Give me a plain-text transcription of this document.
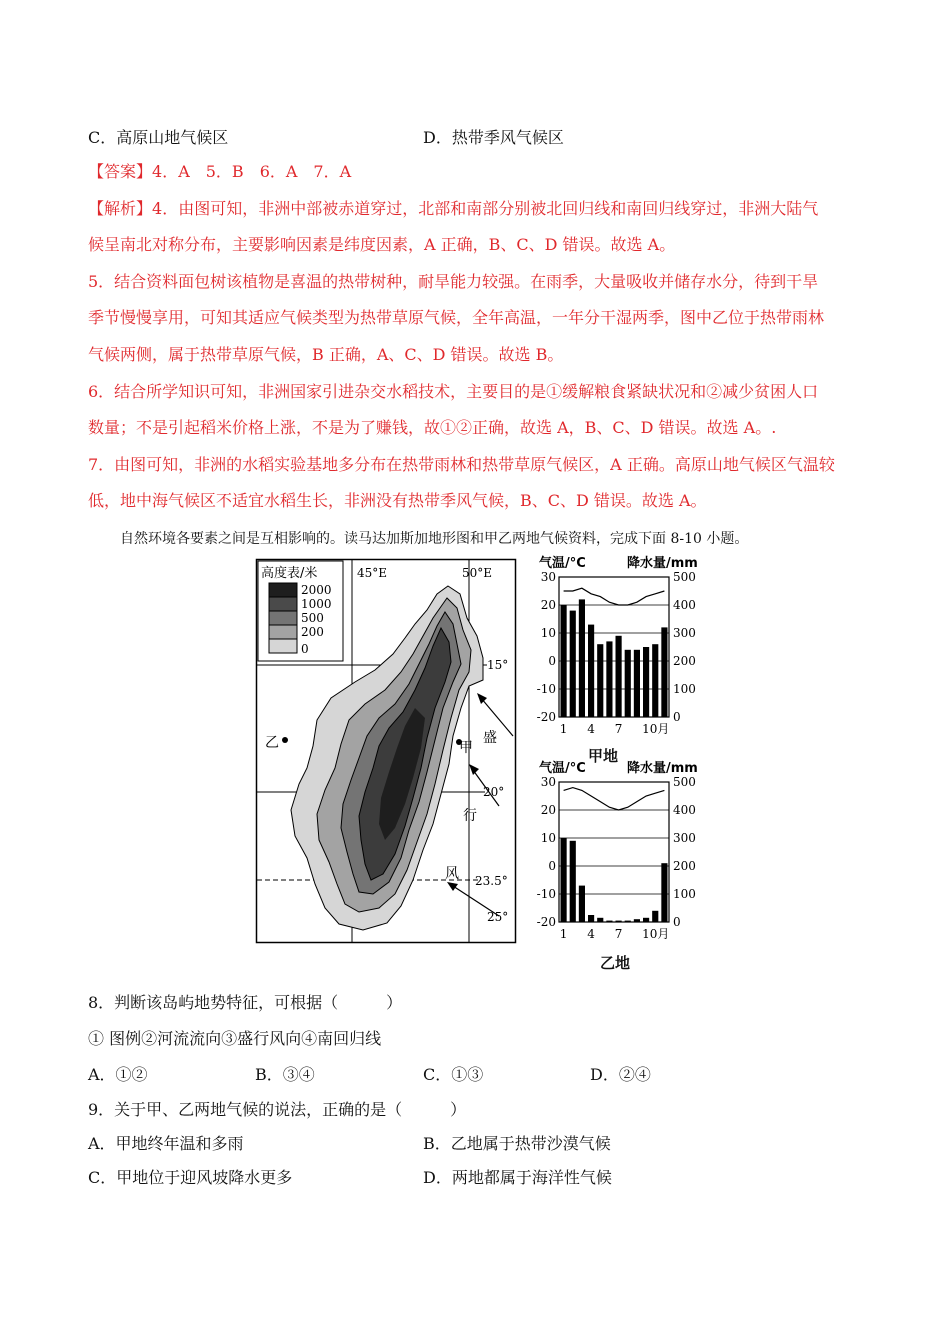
C．高原山地气候区	D．热带季风气候区
【答案】4．A　5．B　6．A　7．A
【解析】4．由图可知，非洲中部被赤道穿过，北部和南部分别被北回归线和南回归线穿过，非洲大陆气
候呈南北对称分布，主要影响因素是纬度因素，A 正确，B、C、D 错误。故选 A。
5．结合资料面包树该植物是喜温的热带树种，耐旱能力较强。在雨季，大量吸收并储存水分，待到干旱
季节慢慢享用，可知其适应气候类型为热带草原气候，全年高温，一年分干湿两季，图中乙位于热带雨林
气候两侧，属于热带草原气候，B 正确，A、C、D 错误。故选 B。
6．结合所学知识可知，非洲国家引进杂交水稻技术，主要目的是①缓解粮食紧缺状况和②减少贫困人口
数量；不是引起稻米价格上涨，不是为了赚钱，故①②正确，故选 A，B、C、D 错误。故选 A。.
7．由图可知，非洲的水稻实验基地多分布在热带雨林和热带草原气候区，A 正确。高原山地气候区气温较
低，地中海气候区不适宜水稻生长，非洲没有热带季风气候，B、C、D 错误。故选 A。
自然环境各要素之间是互相影响的。读马达加斯加地形图和甲乙两地气候资料，完成下面 8-10 小题。
高度表/米
2000
1000
500
200
0
45°E	50°E
15°
20°
23.5°
25°
乙	甲
盛
行
风
气温/°C	降水量/mm
30	500
20	400
10	300
0	200
-10	100
-20	0
1 4 7 10月
气温/°C	降水量/mm
30	500
20	400
10	300
0	200
-10	100
-20	0
1 4 7 10月
甲地
乙地
8．判断该岛屿地势特征，可根据（　　　）
① 图例②河流流向③盛行风向④南回归线
A．①②	B．③④	C．①③	D．②④
9．关于甲、乙两地气候的说法，正确的是（　　　）
A．甲地终年温和多雨	B．乙地属于热带沙漠气候
C．甲地位于迎风坡降水更多	D．两地都属于海洋性气候
